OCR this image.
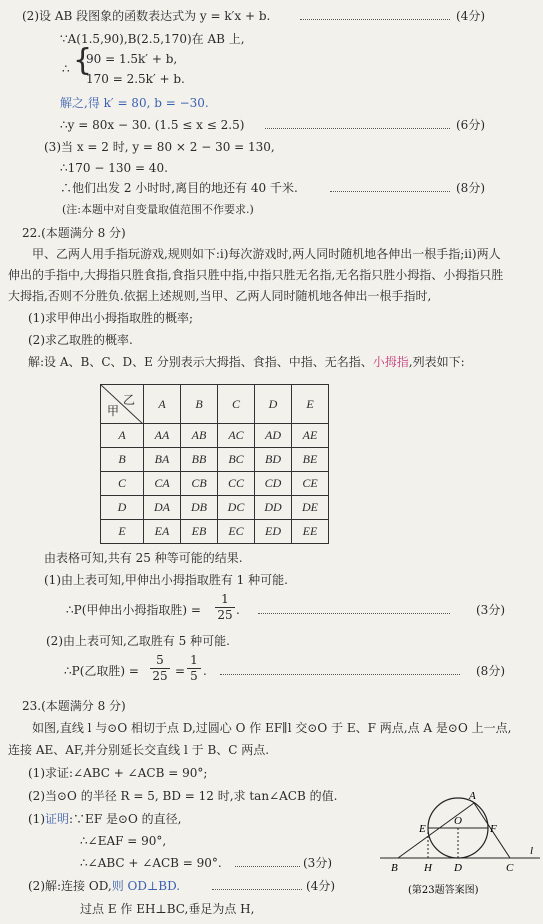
(2)设 AB 段图象的函数表达式为 y = k′x + b.	(4分)
∵A(1.5,90),B(2.5,170)在 AB 上,
∴ {
90 = 1.5k′ + b,
170 = 2.5k′ + b.
解之,得 k′ = 80, b = −30.
∴y = 80x − 30. (1.5 ≤ x ≤ 2.5)	(6分)
(3)当 x = 2 时, y = 80 × 2 − 30 = 130,
∴170 − 130 = 40.
∴他们出发 2 小时时,离目的地还有 40 千米.	(8分)
(注:本题中对自变量取值范围不作要求.)
22.(本题满分 8 分)
甲、乙两人用手指玩游戏,规则如下:i)每次游戏时,两人同时随机地各伸出一根手指;ii)两人
伸出的手指中,大拇指只胜食指,食指只胜中指,中指只胜无名指,无名指只胜小拇指、小拇指只胜
大拇指,否则不分胜负.依据上述规则,当甲、乙两人同时随机地各伸出一根手指时,
(1)求甲伸出小拇指取胜的概率;
(2)求乙取胜的概率.
解:设 A、B、C、D、E 分别表示大拇指、食指、中指、无名指、小拇指,列表如下:
乙
甲	A	B	C	D	E
A	AA	AB	AC	AD	AE
B	BA	BB	BC	BD	BE
C	CA	CB	CC	CD	CE
D	DA	DB	DC	DD	DE
E	EA	EB	EC	ED	EE
由表格可知,共有 25 种等可能的结果.
(1)由上表可知,甲伸出小拇指取胜有 1 种可能.
∴P(甲伸出小拇指取胜) =
1
25 .	(3分)
(2)由上表可知,乙取胜有 5 种可能.
∴P(乙取胜) =
5
25 =
1
5 .	(8分)
23.(本题满分 8 分)
如图,直线 l 与⊙O 相切于点 D,过圆心 O 作 EF∥l 交⊙O 于 E、F 两点,点 A 是⊙O 上一点,
连接 AE、AF,并分别延长交直线 l 于 B、C 两点.
(1)求证:∠ABC + ∠ACB = 90°;
(2)当⊙O 的半径 R = 5, BD = 12 时,求 tan∠ACB 的值.
(1)证明:∵EF 是⊙O 的直径,
∴∠EAF = 90°,
∴∠ABC + ∠ACB = 90°.	(3分)
(2)解:连接 OD,则 OD⊥BD.	(4分)
过点 E 作 EH⊥BC,垂足为点 H,
A
O
E	F
B H D	C
l
(第23题答案图)
